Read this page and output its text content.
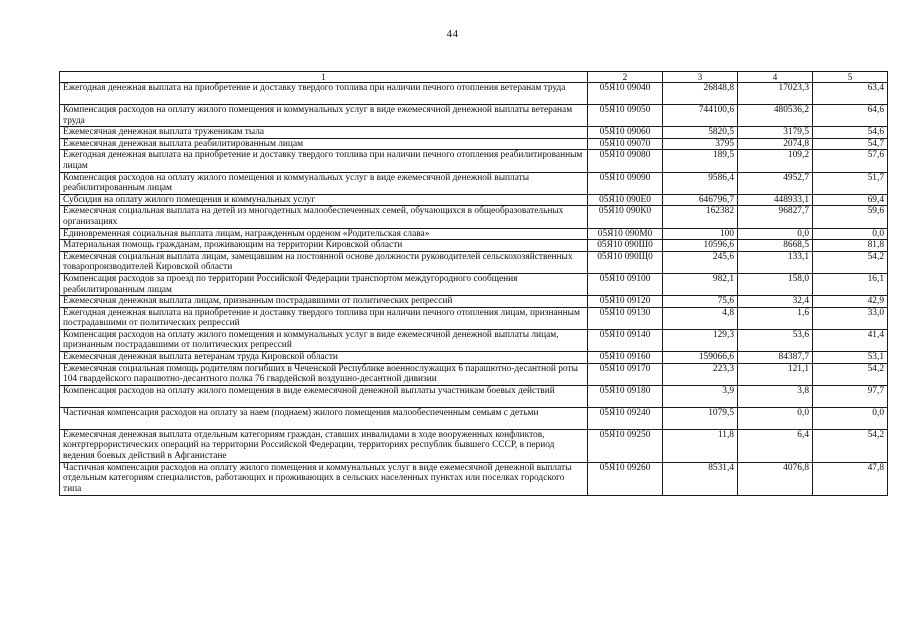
44
1	2	3	4	5
Ежегодная денежная выплата на приобретение и доставку твердого топлива при наличии печного отопления ветеранам труда	05Я10 09040	26848,8	17023,3	63,4
Компенсация расходов на оплату жилого помещения и коммунальных услуг в виде ежемесячной денежной выплаты ветеранам труда	05Я10 09050	744100,6	480536,2	64,6
Ежемесячная денежная выплата труженикам тыла	05Я10 09060	5820,5	3179,5	54,6
Ежемесячная денежная выплата реабилитированным лицам	05Я10 09070	3795	2074,8	54,7
Ежегодная денежная выплата на приобретение и доставку твердого топлива при наличии печного отопления реабилитированным лицам	05Я10 09080	189,5	109,2	57,6
Компенсация расходов на оплату жилого помещения и коммунальных услуг в виде ежемесячной денежной выплаты реабилитированным лицам	05Я10 09090	9586,4	4952,7	51,7
Субсидия на оплату жилого помещения и коммунальных услуг	05Я10 090Е0	646796,7	448933,1	69,4
Ежемесячная социальная выплата на детей из многодетных малообеспеченных семей, обучающихся в общеобразовательных организациях	05Я10 090К0	162382	96827,7	59,6
Единовременная социальная выплата лицам, награжденным орденом «Родительская слава»	05Я10 090М0	100	0,0	0,0
Материальная помощь гражданам, проживающим на территории Кировской области	05Я10 090Ш0	10596,6	8668,5	81,8
Ежемесячная социальная выплата лицам, замещавшим на постоянной основе должности руководителей сельскохозяйственных товаропроизводителей Кировской области	05Я10 090Щ0	245,6	133,1	54,2
Компенсация расходов за проезд по территории Российской Федерации транспортом междугородного сообщения реабилитированным лицам	05Я10 09100	982,1	158,0	16,1
Ежемесячная денежная выплата лицам, признанным пострадавшими от политических репрессий	05Я10 09120	75,6	32,4	42,9
Ежегодная денежная выплата на приобретение и доставку твердого топлива при наличии печного отопления лицам, признанным пострадавшими от политических репрессий	05Я10 09130	4,8	1,6	33,0
Компенсация расходов на оплату жилого помещения и коммунальных услуг в виде ежемесячной денежной выплаты лицам, признанным пострадавшими от политических репрессий	05Я10 09140	129,3	53,6	41,4
Ежемесячная денежная выплата ветеранам труда Кировской области	05Я10 09160	159066,6	84387,7	53,1
Ежемесячная социальная помощь родителям погибших в Чеченской Республике военнослужащих 6 парашютно-десантной роты 104 гвардейского парашютно-десантного полка 76 гвардейской воздушно-десантной дивизии	05Я10 09170	223,3	121,1	54,2
Компенсация расходов на оплату жилого помещения в виде ежемесячной денежной выплаты участникам боевых действий	05Я10 09180	3,9	3,8	97,7
Частичная компенсация расходов на оплату за наем (поднаем) жилого помещения малообеспеченным семьям с детьми	05Я10 09240	1079,5	0,0	0,0
Ежемесячная денежная выплата отдельным категориям граждан, ставших инвалидами в ходе вооруженных конфликтов, контртеррористических операций на территории Российской Федерации, территориях республик бывшего СССР, в период ведения боевых действий в Афганистане	05Я10 09250	11,8	6,4	54,2
Частичная компенсация расходов на оплату жилого помещения и коммунальных услуг в виде ежемесячной денежной выплаты отдельным категориям специалистов, работающих и проживающих в сельских населенных пунктах или поселках городского типа	05Я10 09260	8531,4	4076,8	47,8
